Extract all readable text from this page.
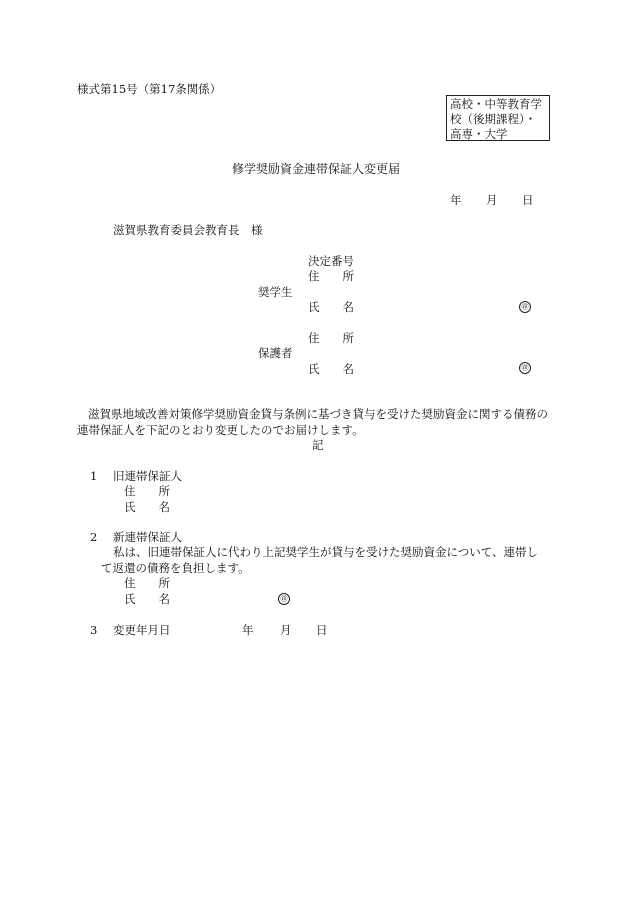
様式第15号（第17条関係）
高校・中等教育学校（後期課程）・高専・大学
修学奨励資金連帯保証人変更届
年 月 日
滋賀県教育委員会教育長　様
決定番号
住　　所
奨学生
氏　　名	㊞
住　　所
保護者
氏　　名	㊞
滋賀県地域改善対策修学奨励資金貸与条例に基づき貸与を受けた奨励資金に関する債務の連帯保証人を下記のとおり変更したのでお届けします。
記
1 旧連帯保証人
住　　所
氏　　名
2 新連帯保証人
私は、旧連帯保証人に代わり上記奨学生が貸与を受けた奨励資金について、連帯し
て返還の債務を負担します。
住　　所
氏　　名	㊞
3 変更年月日	年 月 日
